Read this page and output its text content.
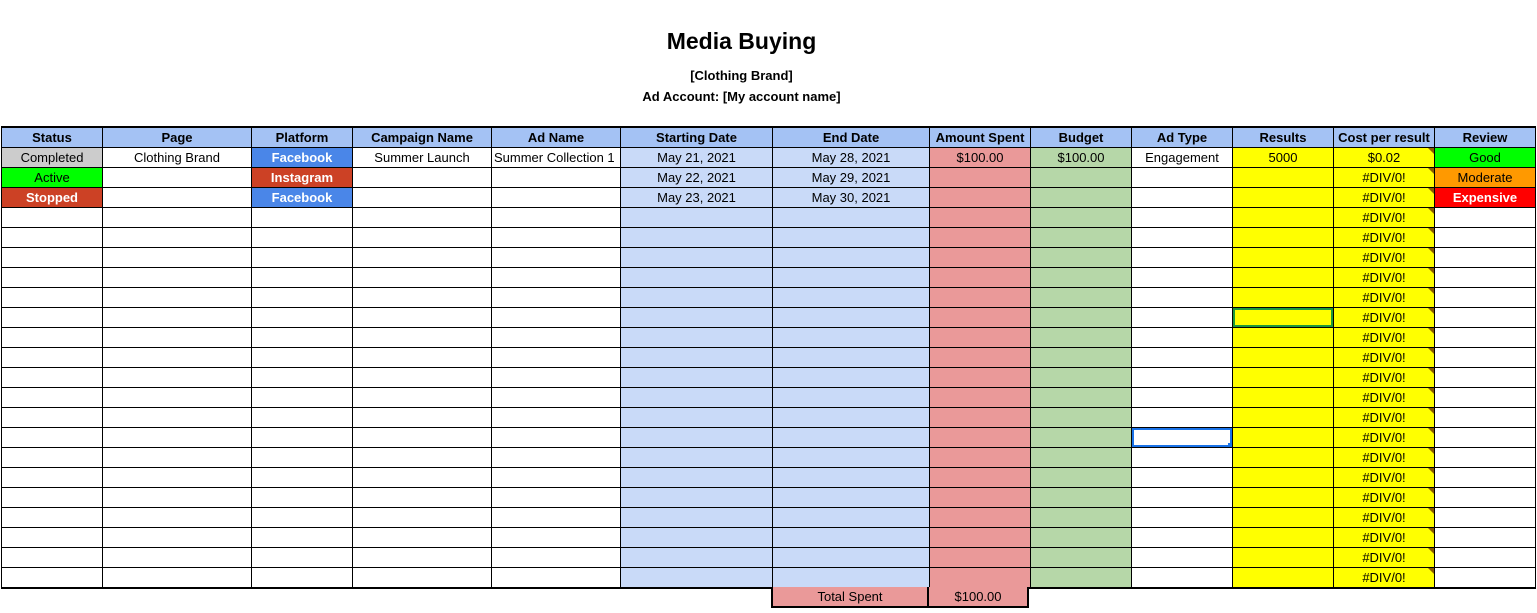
Media Buying
[Clothing Brand]
Ad Account: [My account name]
Status	Page	Platform	Campaign Name	Ad Name	Starting Date	End Date	Amount Spent	Budget	Ad Type	Results	Cost per result	Review
Completed	Clothing Brand	Facebook	Summer Launch	Summer Collection 1	May 21, 2021	May 28, 2021	$100.00	$100.00	Engagement	5000	$0.02	Good
Active		Instagram			May 22, 2021	May 29, 2021					#DIV/0!	Moderate
Stopped		Facebook			May 23, 2021	May 30, 2021					#DIV/0!	Expensive
											#DIV/0!	
											#DIV/0!	
											#DIV/0!	
											#DIV/0!	
											#DIV/0!	
											#DIV/0!	
											#DIV/0!	
											#DIV/0!	
											#DIV/0!	
											#DIV/0!	
											#DIV/0!	
											#DIV/0!	
											#DIV/0!	
											#DIV/0!	
											#DIV/0!	
											#DIV/0!	
											#DIV/0!	
											#DIV/0!	
											#DIV/0!	
Total Spent	$100.00
